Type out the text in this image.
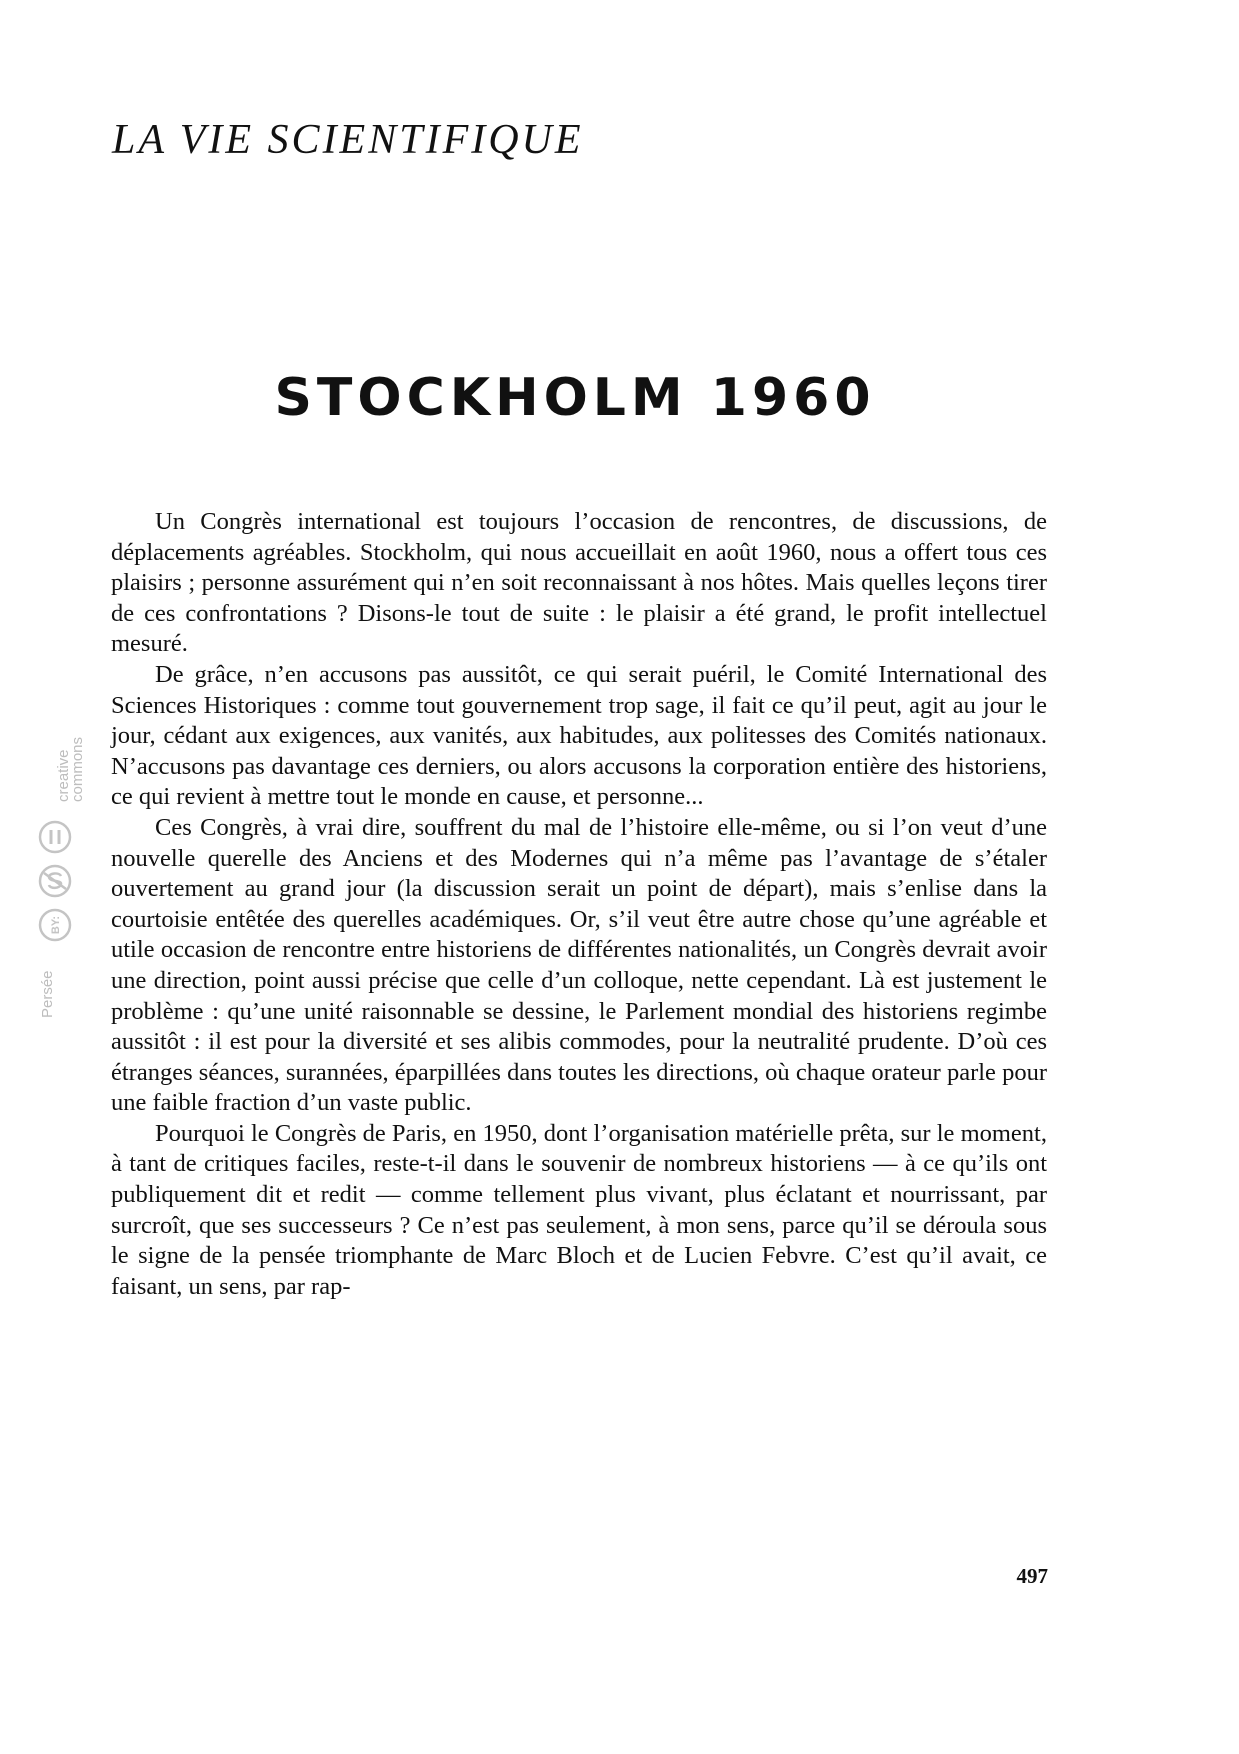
LA VIE SCIENTIFIQUE
STOCKHOLM 1960

Un Congrès international est toujours l’occasion de rencontres, de discussions, de déplacements agréables. Stockholm, qui nous accueillait en août 1960, nous a offert tous ces plaisirs ; personne assurément qui n’en soit reconnaissant à nos hôtes. Mais quelles leçons tirer de ces confrontations ? Disons-le tout de suite : le plaisir a été grand, le profit intellectuel mesuré.

De grâce, n’en accusons pas aussitôt, ce qui serait puéril, le Comité International des Sciences Historiques : comme tout gouvernement trop sage, il fait ce qu’il peut, agit au jour le jour, cédant aux exigences, aux vanités, aux habitudes, aux politesses des Comités nationaux. N’accusons pas davantage ces derniers, ou alors accusons la corporation entière des historiens, ce qui revient à mettre tout le monde en cause, et personne...

Ces Congrès, à vrai dire, souffrent du mal de l’histoire elle-même, ou si l’on veut d’une nouvelle querelle des Anciens et des Modernes qui n’a même pas l’avantage de s’étaler ouvertement au grand jour (la discussion serait un point de départ), mais s’enlise dans la courtoisie entêtée des querelles académiques. Or, s’il veut être autre chose qu’une agréable et utile occasion de rencontre entre historiens de différentes nationalités, un Congrès devrait avoir une direction, point aussi précise que celle d’un colloque, nette cependant. Là est justement le problème : qu’une unité raisonnable se dessine, le Parlement mondial des historiens regimbe aussitôt : il est pour la diversité et ses alibis commodes, pour la neutralité prudente. D’où ces étranges séances, surannées, éparpillées dans toutes les directions, où chaque orateur parle pour une faible fraction d’un vaste public.

Pourquoi le Congrès de Paris, en 1950, dont l’organisation matérielle prêta, sur le moment, à tant de critiques faciles, reste-t-il dans le souvenir de nombreux historiens — à ce qu’ils ont publiquement dit et redit — comme tellement plus vivant, plus éclatant et nourrissant, par surcroît, que ses successeurs ? Ce n’est pas seulement, à mon sens, parce qu’il se déroula sous le signe de la pensée triomphante de Marc Bloch et de Lucien Febvre. C’est qu’il avait, ce faisant, un sens, par rap-

497

Persée
creative
commons
BY:
